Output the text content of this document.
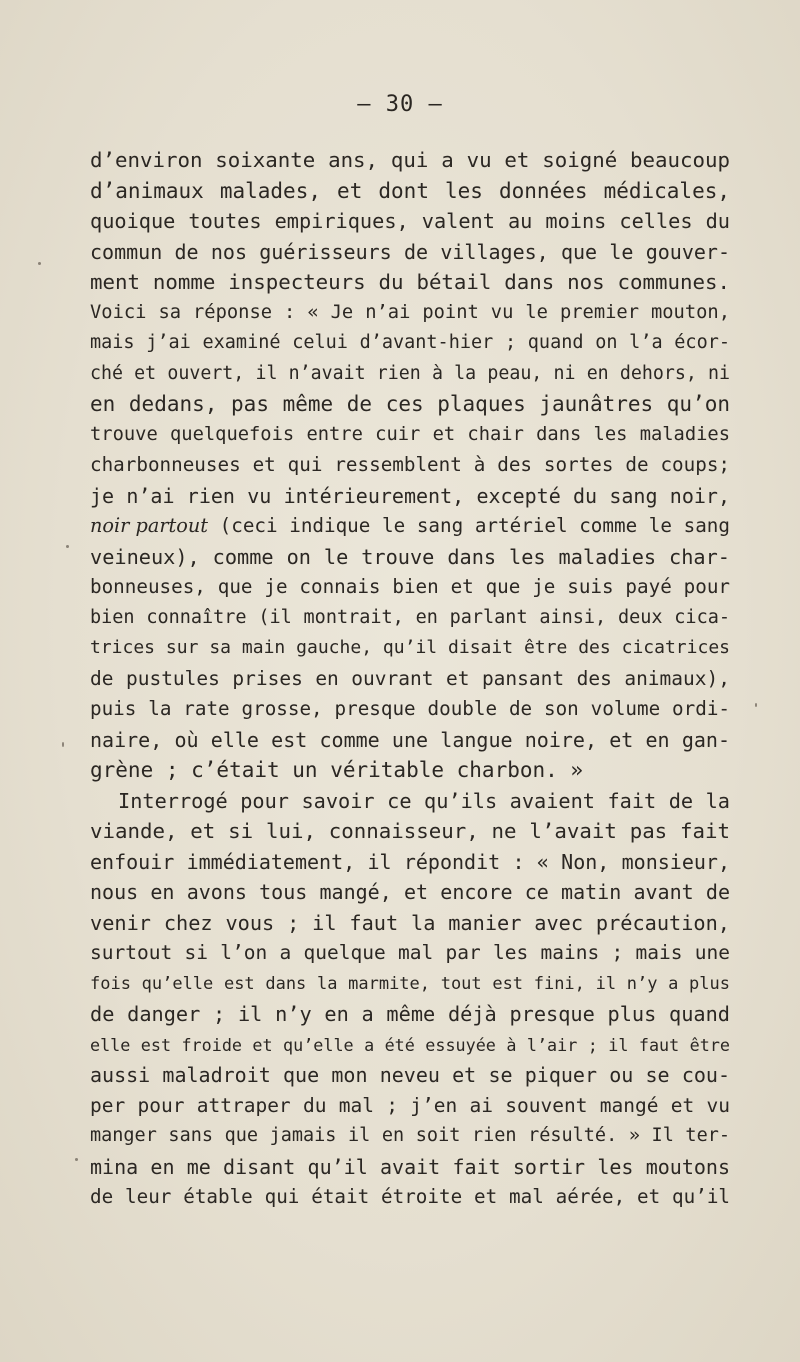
— 30 —
d’environ soixante ans, qui a vu et soigné beaucoup
d’animaux malades, et dont les données médicales,
quoique toutes empiriques, valent au moins celles du
commun de nos guérisseurs de villages, que le gouver-
ment nomme inspecteurs du bétail dans nos communes.
Voici sa réponse : « Je n’ai point vu le premier mouton,
mais j’ai examiné celui d’avant-hier ; quand on l’a écor-
ché et ouvert, il n’avait rien à la peau, ni en dehors, ni
en dedans, pas même de ces plaques jaunâtres qu’on
trouve quelquefois entre cuir et chair dans les maladies
charbonneuses et qui ressemblent à des sortes de coups;
je n’ai rien vu intérieurement, excepté du sang noir,
noir partout (ceci indique le sang artériel comme le sang
veineux), comme on le trouve dans les maladies char-
bonneuses, que je connais bien et que je suis payé pour
bien connaître (il montrait, en parlant ainsi, deux cica-
trices sur sa main gauche, qu’il disait être des cicatrices
de pustules prises en ouvrant et pansant des animaux),
puis la rate grosse, presque double de son volume ordi-
naire, où elle est comme une langue noire, et en gan-
grène ; c’était un véritable charbon. »
Interrogé pour savoir ce qu’ils avaient fait de la
viande, et si lui, connaisseur, ne l’avait pas fait
enfouir immédiatement, il répondit : « Non, monsieur,
nous en avons tous mangé, et encore ce matin avant de
venir chez vous ; il faut la manier avec précaution,
surtout si l’on a quelque mal par les mains ; mais une
fois qu’elle est dans la marmite, tout est fini, il n’y a plus
de danger ; il n’y en a même déjà presque plus quand
elle est froide et qu’elle a été essuyée à l’air ; il faut être
aussi maladroit que mon neveu et se piquer ou se cou-
per pour attraper du mal ; j’en ai souvent mangé et vu
manger sans que jamais il en soit rien résulté. » Il ter-
mina en me disant qu’il avait fait sortir les moutons
de leur étable qui était étroite et mal aérée, et qu’il
